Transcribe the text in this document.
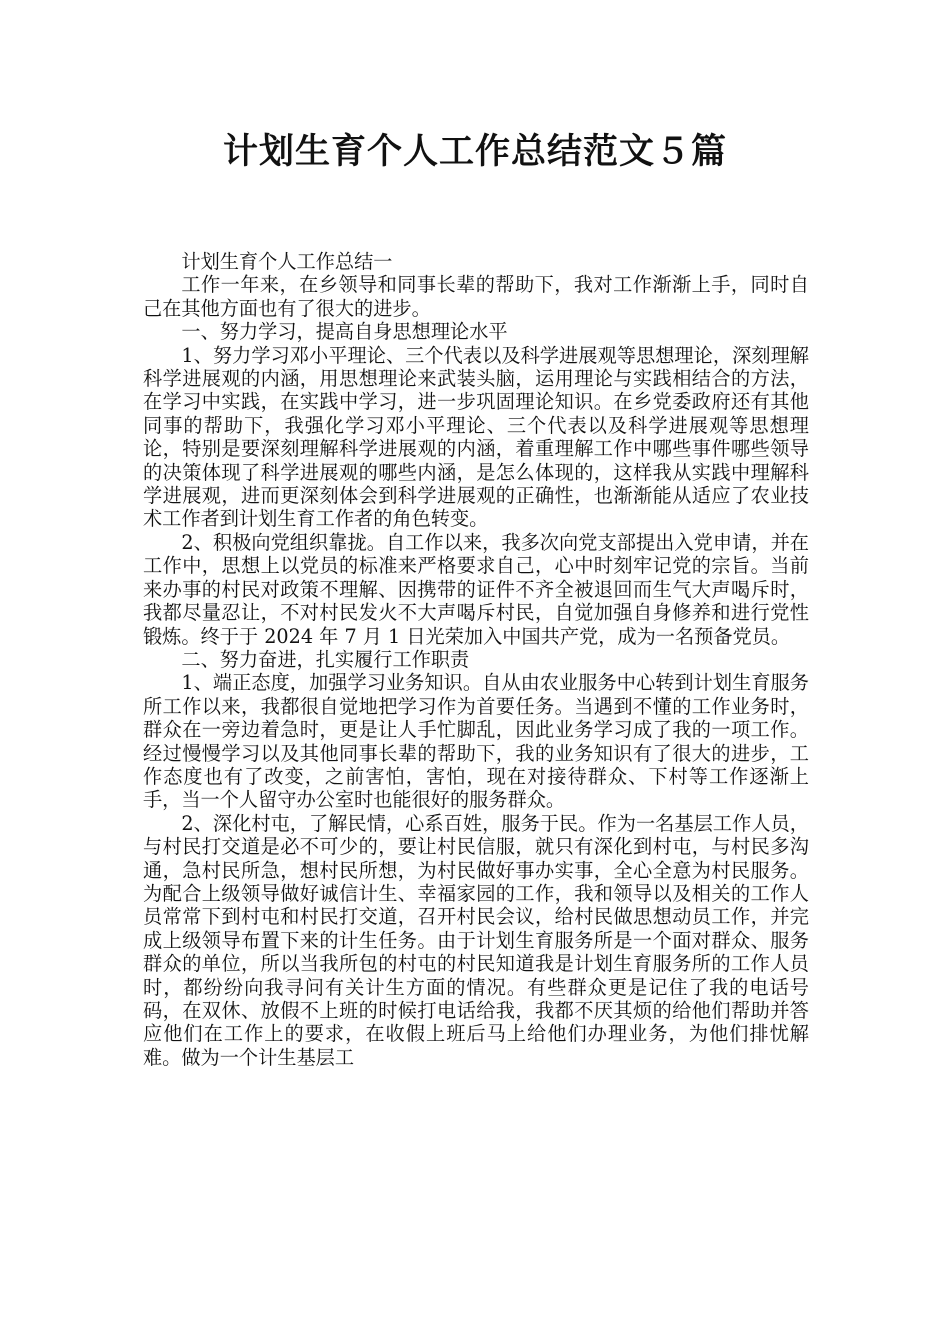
计划生育个人工作总结范文５篇

计划生育个人工作总结一

工作一年来，在乡领导和同事长辈的帮助下，我对工作渐渐上手，同时自己在其他方面也有了很大的进步。

一、努力学习，提高自身思想理论水平

1、努力学习邓小平理论、三个代表以及科学进展观等思想理论，深刻理解科学进展观的内涵，用思想理论来武装头脑，运用理论与实践相结合的方法，在学习中实践，在实践中学习，进一步巩固理论知识。在乡党委政府还有其他同事的帮助下，我强化学习邓小平理论、三个代表以及科学进展观等思想理论，特别是要深刻理解科学进展观的内涵，着重理解工作中哪些事件哪些领导的决策体现了科学进展观的哪些内涵，是怎么体现的，这样我从实践中理解科学进展观，进而更深刻体会到科学进展观的正确性，也渐渐能从适应了农业技术工作者到计划生育工作者的角色转变。

2、积极向党组织靠拢。自工作以来，我多次向党支部提出入党申请，并在工作中，思想上以党员的标准来严格要求自己，心中时刻牢记党的宗旨。当前来办事的村民对政策不理解、因携带的证件不齐全被退回而生气大声喝斥时，我都尽量忍让，不对村民发火不大声喝斥村民，自觉加强自身修养和进行党性锻炼。终于于 2024 年 7 月 1 日光荣加入中国共产党，成为一名预备党员。

二、努力奋进，扎实履行工作职责

1、端正态度，加强学习业务知识。自从由农业服务中心转到计划生育服务所工作以来，我都很自觉地把学习作为首要任务。当遇到不懂的工作业务时，群众在一旁边着急时，更是让人手忙脚乱，因此业务学习成了我的一项工作。经过慢慢学习以及其他同事长辈的帮助下，我的业务知识有了很大的进步，工作态度也有了改变，之前害怕，害怕，现在对接待群众、下村等工作逐渐上手，当一个人留守办公室时也能很好的服务群众。

2、深化村屯，了解民情，心系百姓，服务于民。作为一名基层工作人员，与村民打交道是必不可少的，要让村民信服，就只有深化到村屯，与村民多沟通，急村民所急，想村民所想，为村民做好事办实事，全心全意为村民服务。为配合上级领导做好诚信计生、幸福家园的工作，我和领导以及相关的工作人员常常下到村屯和村民打交道，召开村民会议，给村民做思想动员工作，并完成上级领导布置下来的计生任务。由于计划生育服务所是一个面对群众、服务群众的单位，所以当我所包的村屯的村民知道我是计划生育服务所的工作人员时，都纷纷向我寻问有关计生方面的情况。有些群众更是记住了我的电话号码，在双休、放假不上班的时候打电话给我，我都不厌其烦的给他们帮助并答应他们在工作上的要求，在收假上班后马上给他们办理业务，为他们排忧解难。做为一个计生基层工
